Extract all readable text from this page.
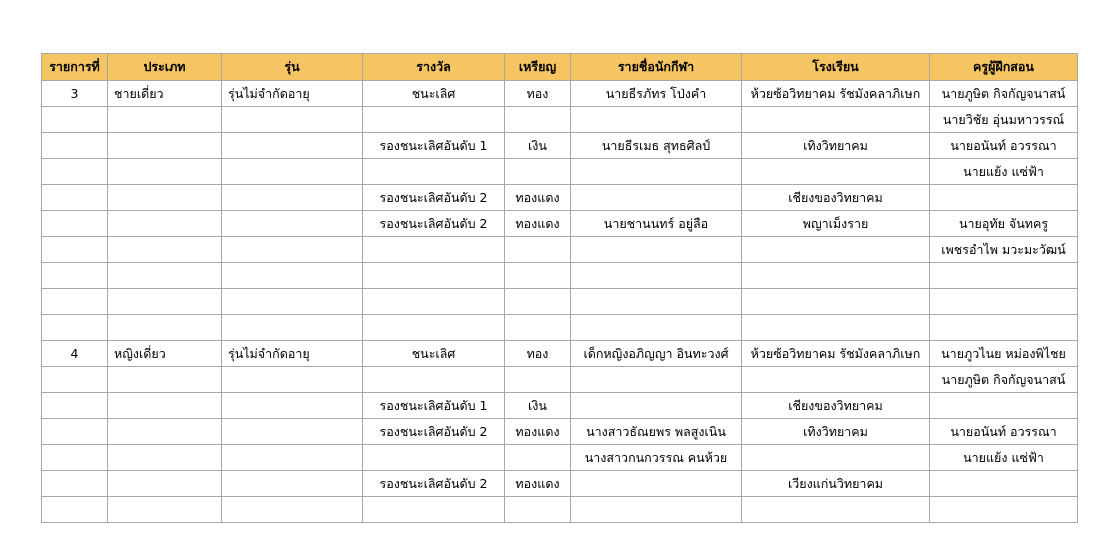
รายการที่	ประเภท	รุ่น	รางวัล	เหรียญ	รายชื่อนักกีฬา	โรงเรียน	ครูผู้ฝึกสอน
3	ชายเดี่ยว	รุ่นไม่จำกัดอายุ	ชนะเลิศ	ทอง	นายธีรภัทร โป่งคำ	ห้วยซ้อวิทยาคม รัชมังคลาภิเษก	นายภูษิต กิจกัญจนาสน์
							นายวิชัย อุ่นมหาวรรณ์
			รองชนะเลิศอันดับ 1	เงิน	นายธีรเมธ สุทธศิลป์	เทิงวิทยาคม	นายอนันท์ อวรรณา
							นายแย้ง แซ่ฟ้า
			รองชนะเลิศอันดับ 2	ทองแดง		เชียงของวิทยาคม	
			รองชนะเลิศอันดับ 2	ทองแดง	นายชานนทร์ อยู่ลือ	พญาเม็งราย	นายอุทัย จันทครู
							เพชรอำไพ มวะมะวัฒน์

4	หญิงเดี่ยว	รุ่นไม่จำกัดอายุ	ชนะเลิศ	ทอง	เด็กหญิงอภิญญา อินทะวงศ์	ห้วยซ้อวิทยาคม รัชมังคลาภิเษก	นายภูวไนย หม่องพิไชย
							นายภูษิต กิจกัญจนาสน์
			รองชนะเลิศอันดับ 1	เงิน		เชียงของวิทยาคม	
			รองชนะเลิศอันดับ 2	ทองแดง	นางสาวธัณยพร พลสูงเนิน	เทิงวิทยาคม	นายอนันท์ อวรรณา
					นางสาวกนกวรรณ คนห้วย		นายแย้ง แซ่ฟ้า
			รองชนะเลิศอันดับ 2	ทองแดง		เวียงแก่นวิทยาคม	
